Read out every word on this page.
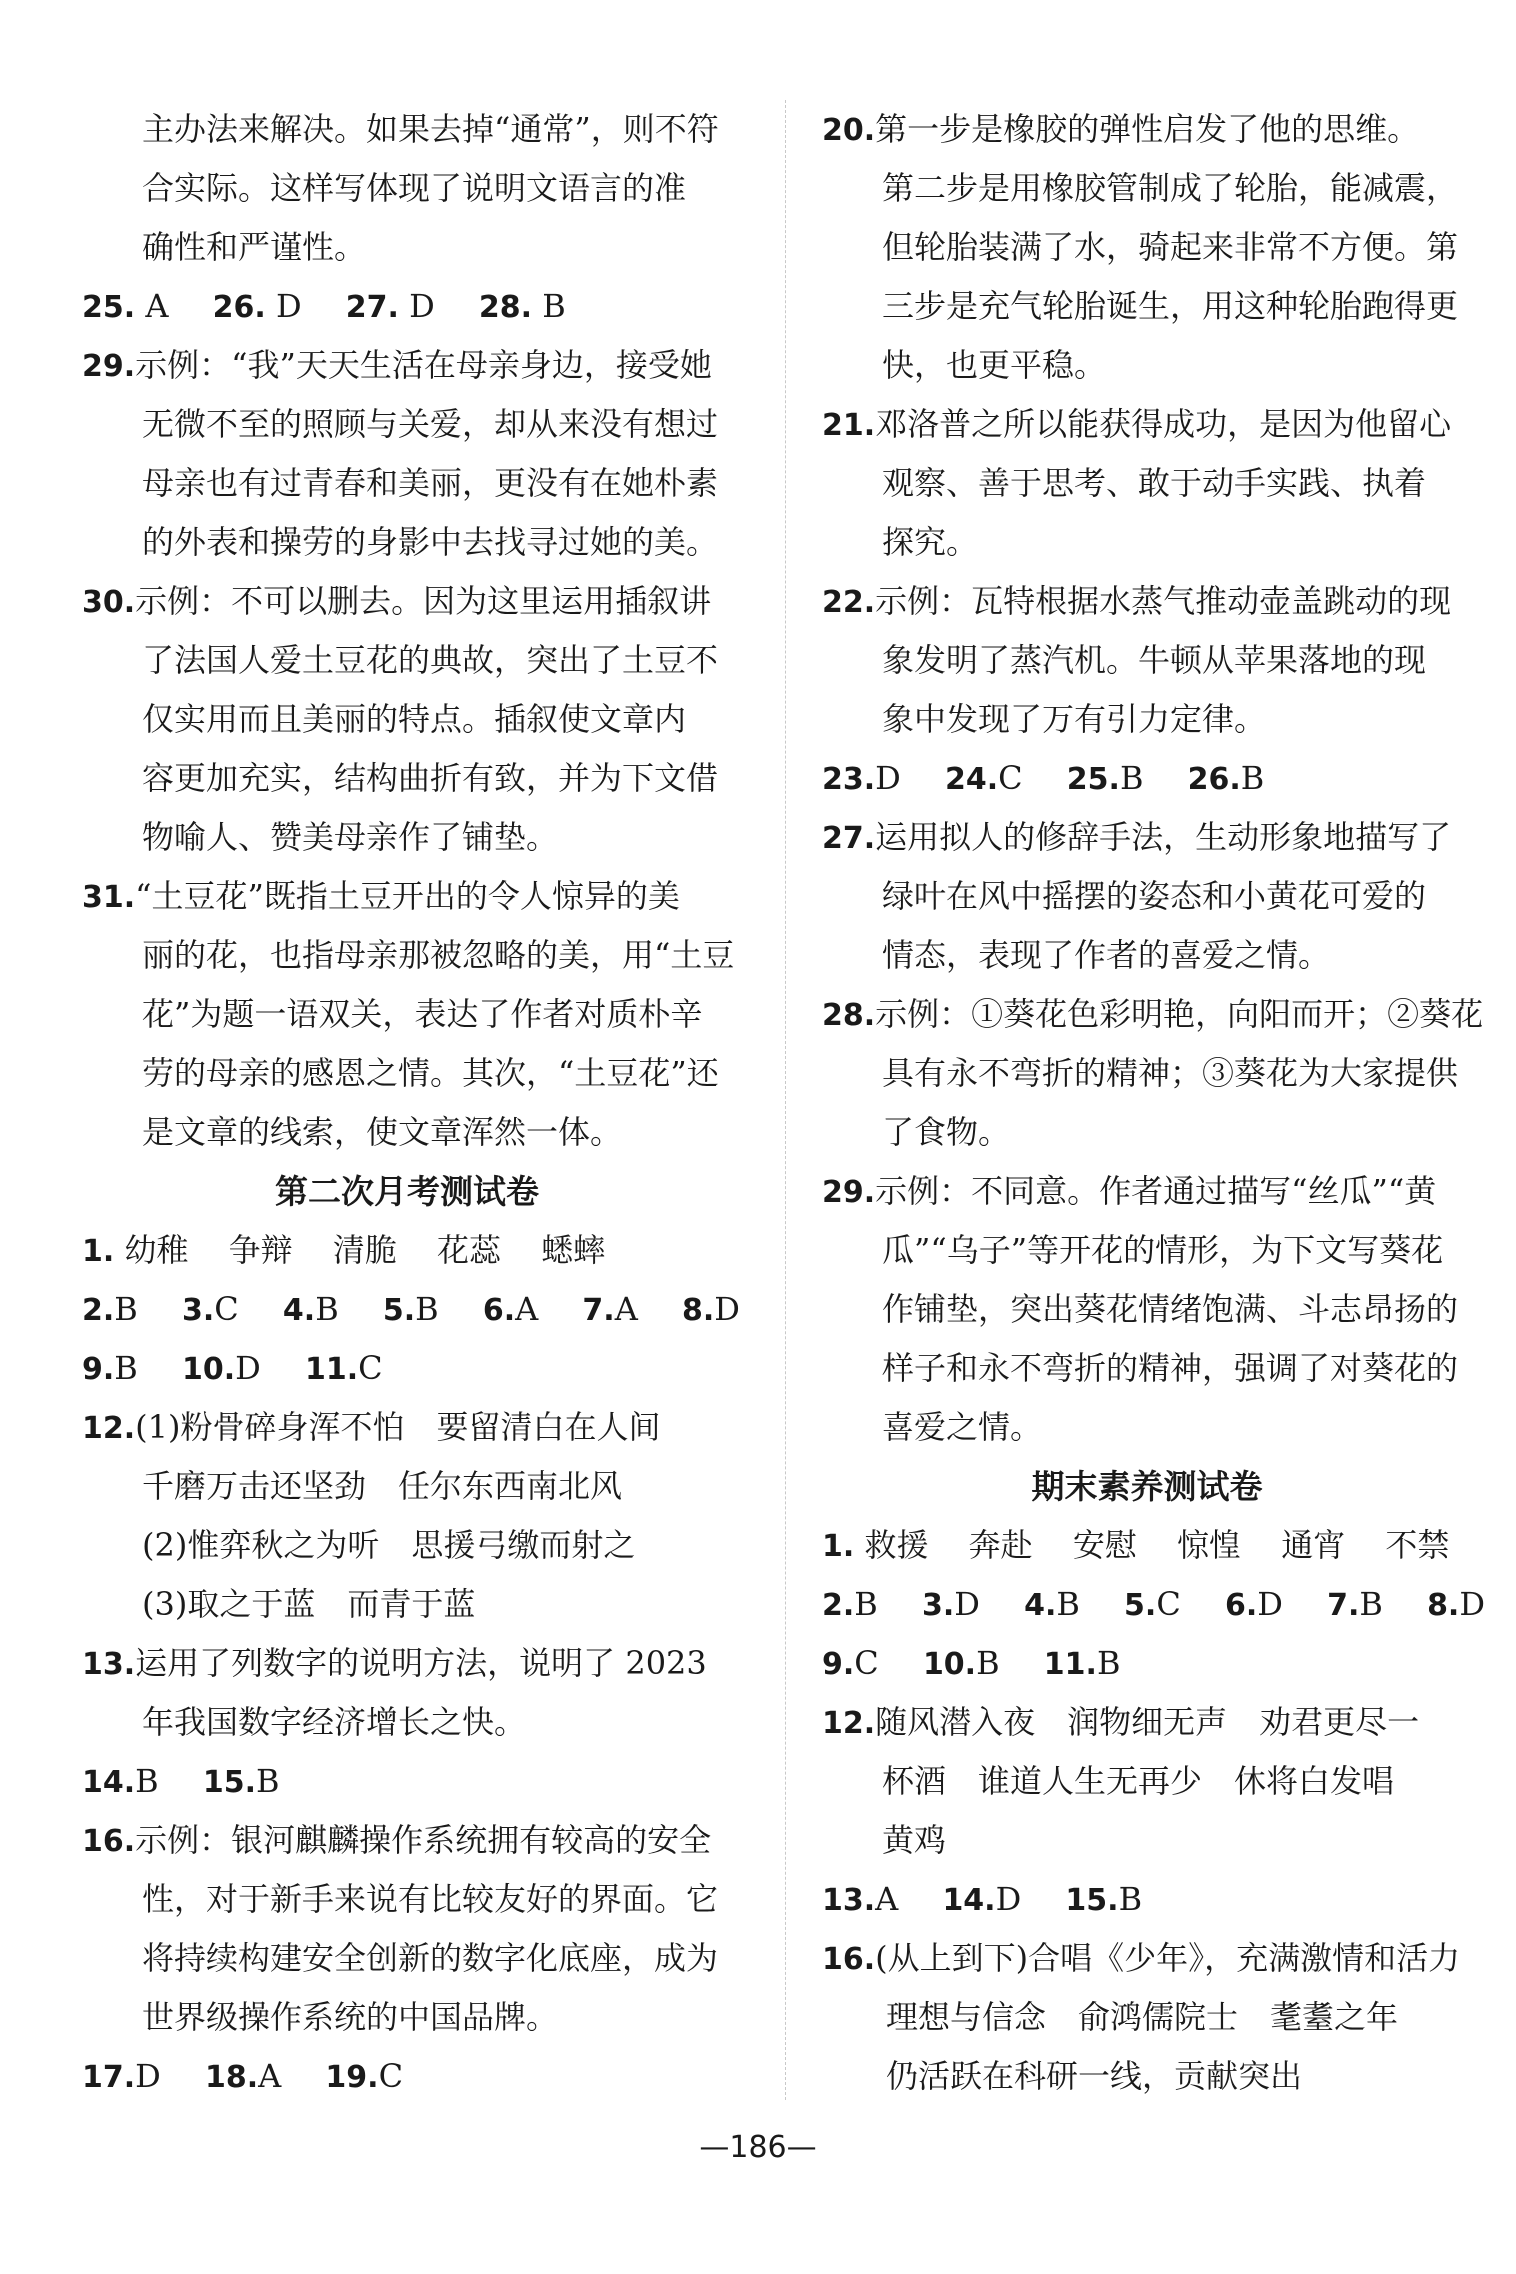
主办法来解决。如果去掉“通常”，则不符
合实际。这样写体现了说明文语言的准
确性和严谨性。
25. A 26. D 27. D 28. B
29.示例：“我”天天生活在母亲身边，接受她
无微不至的照顾与关爱，却从来没有想过
母亲也有过青春和美丽，更没有在她朴素
的外表和操劳的身影中去找寻过她的美。
30.示例：不可以删去。因为这里运用插叙讲
了法国人爱土豆花的典故，突出了土豆不
仅实用而且美丽的特点。插叙使文章内
容更加充实，结构曲折有致，并为下文借
物喻人、赞美母亲作了铺垫。
31.“土豆花”既指土豆开出的令人惊异的美
丽的花，也指母亲那被忽略的美，用“土豆
花”为题一语双关，表达了作者对质朴辛
劳的母亲的感恩之情。其次，“土豆花”还
是文章的线索，使文章浑然一体。
第二次月考测试卷
1. 幼稚 争辩 清脆 花蕊 蟋蟀
2.B 3.C 4.B 5.B 6.A 7.A 8.D
9.B 10.D 11.C
12.(1)粉骨碎身浑不怕　要留清白在人间
千磨万击还坚劲　任尔东西南北风
(2)惟弈秋之为听　思援弓缴而射之
(3)取之于蓝　而青于蓝
13.运用了列数字的说明方法，说明了 2023
年我国数字经济增长之快。
14.B 15.B
16.示例：银河麒麟操作系统拥有较高的安全
性，对于新手来说有比较友好的界面。它
将持续构建安全创新的数字化底座，成为
世界级操作系统的中国品牌。
17.D 18.A 19.C
20.第一步是橡胶的弹性启发了他的思维。
第二步是用橡胶管制成了轮胎，能减震，
但轮胎装满了水，骑起来非常不方便。第
三步是充气轮胎诞生，用这种轮胎跑得更
快，也更平稳。
21.邓洛普之所以能获得成功，是因为他留心
观察、善于思考、敢于动手实践、执着
探究。
22.示例：瓦特根据水蒸气推动壶盖跳动的现
象发明了蒸汽机。牛顿从苹果落地的现
象中发现了万有引力定律。
23.D 24.C 25.B 26.B
27.运用拟人的修辞手法，生动形象地描写了
绿叶在风中摇摆的姿态和小黄花可爱的
情态，表现了作者的喜爱之情。
28.示例：①葵花色彩明艳，向阳而开；②葵花
具有永不弯折的精神；③葵花为大家提供
了食物。
29.示例：不同意。作者通过描写“丝瓜”“黄
瓜”“乌子”等开花的情形，为下文写葵花
作铺垫，突出葵花情绪饱满、斗志昂扬的
样子和永不弯折的精神，强调了对葵花的
喜爱之情。
期末素养测试卷
1. 救援 奔赴 安慰 惊惶 通宵 不禁
2.B 3.D 4.B 5.C 6.D 7.B 8.D
9.C 10.B 11.B
12.随风潜入夜　润物细无声　劝君更尽一
杯酒　谁道人生无再少　休将白发唱
黄鸡
13.A 14.D 15.B
16.(从上到下)合唱《少年》，充满激情和活力
理想与信念　俞鸿儒院士　耄耋之年
仍活跃在科研一线，贡献突出
—186—
